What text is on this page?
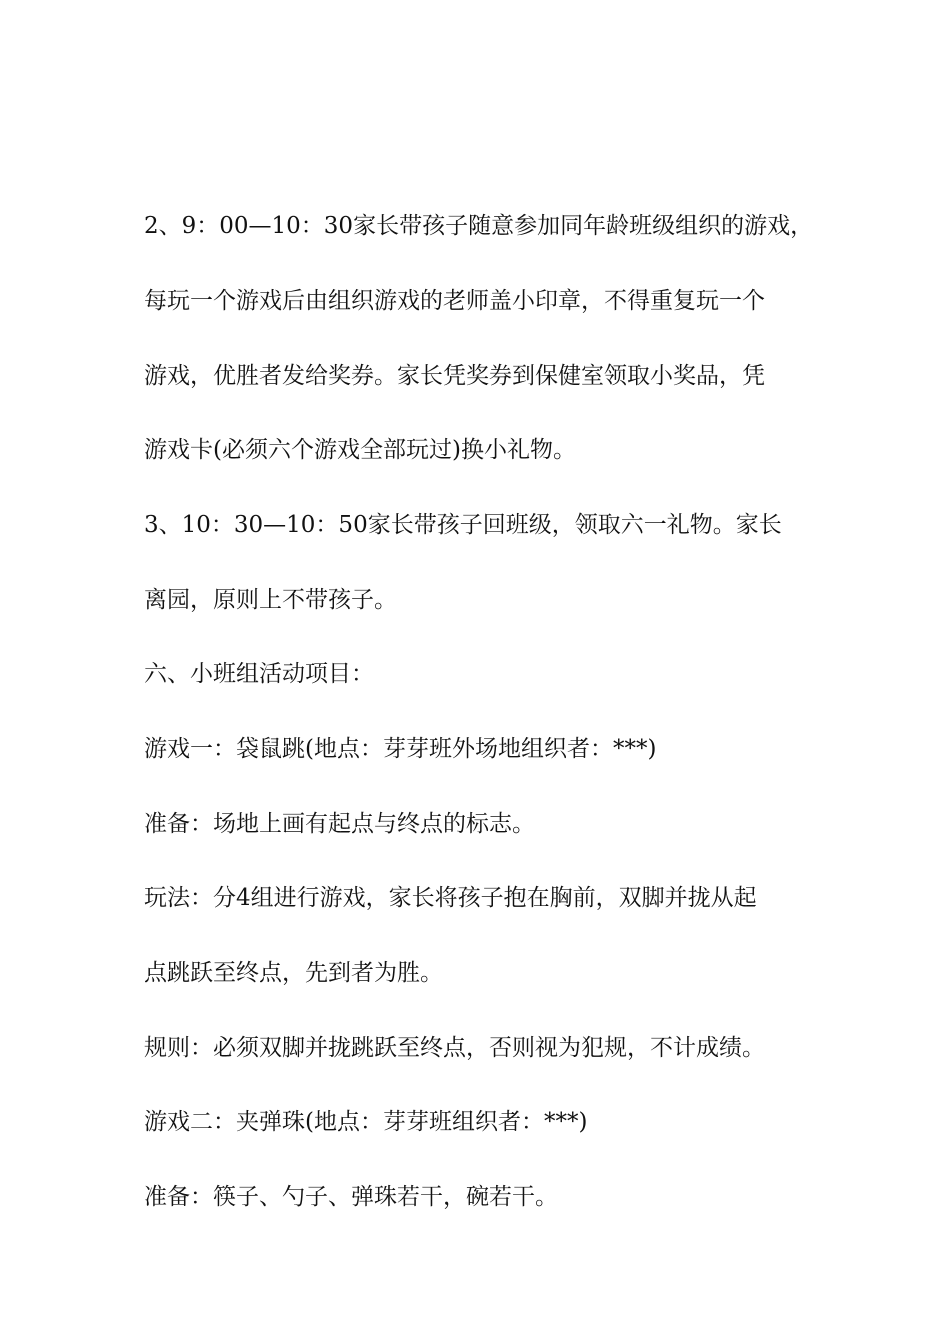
2、9：00—10：30家长带孩子随意参加同年龄班级组织的游戏，

每玩一个游戏后由组织游戏的老师盖小印章，不得重复玩一个

游戏，优胜者发给奖券。家长凭奖券到保健室领取小奖品，凭

游戏卡(必须六个游戏全部玩过)换小礼物。

3、10：30—10：50家长带孩子回班级，领取六一礼物。家长

离园，原则上不带孩子。

六、小班组活动项目：

游戏一：袋鼠跳(地点：芽芽班外场地组织者：***)

准备：场地上画有起点与终点的标志。

玩法：分4组进行游戏，家长将孩子抱在胸前，双脚并拢从起

点跳跃至终点，先到者为胜。

规则：必须双脚并拢跳跃至终点，否则视为犯规，不计成绩。

游戏二：夹弹珠(地点：芽芽班组织者：***)

准备：筷子、勺子、弹珠若干，碗若干。
